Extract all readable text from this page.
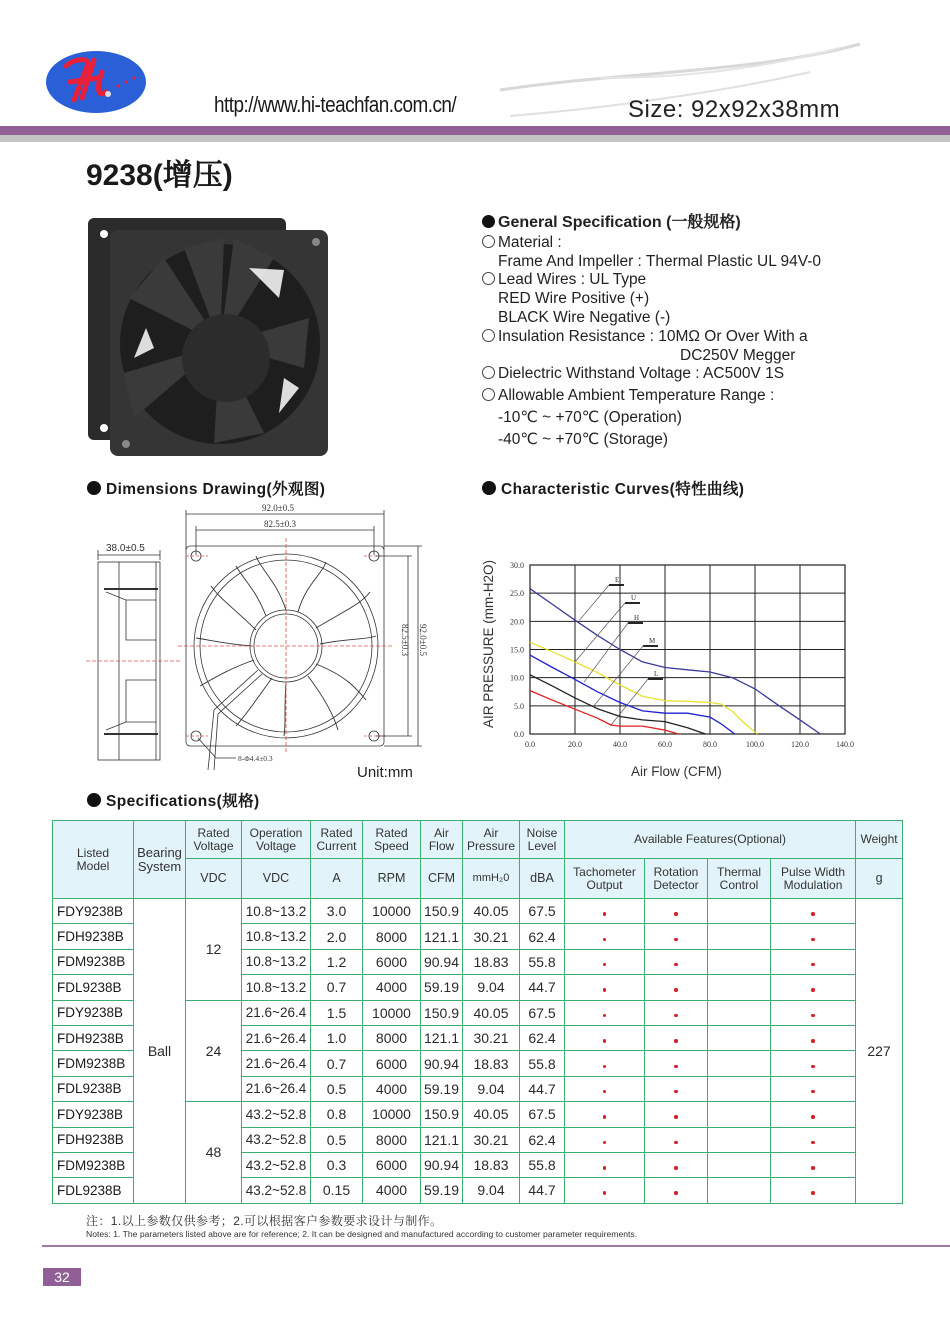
http://www.hi-teachfan.com.cn/	Size: 92x92x38mm
9238(增压)
General Specification (一般规格)
Material :
Frame And Impeller : Thermal Plastic UL 94V-0
Lead Wires : UL Type
RED Wire Positive (+)
BLACK Wire Negative (-)
Insulation Resistance : 10MΩ Or Over With a
DC250V Megger
Dielectric Withstand Voltage : AC500V 1S
Allowable Ambient Temperature Range :
-10℃ ~ +70℃ (Operation)
-40℃ ~ +70℃ (Storage)
Dimensions Drawing(外观图)	Characteristic Curves(特性曲线)
38.0±0.5
92.0±0.5
82.5±0.3
92.0±0.5
82.5±0.3
8-Φ4.4±0.3
Unit:mm
0.0
5.0
10.0
15.0
20.0
25.0
30.0
0.0	20.0	40.0	60.0	80.0	100.0	120.0	140.0
E
U
H
M
L
AIR PRESSURE (mm-H2O)
Air Flow (CFM)
Specifications(规格)
Listed Model	Bearing System	Rated Voltage	Operation Voltage	Rated Current	Rated Speed	Air Flow	Air Pressure	Noise Level	Available Features(Optional)				Weight
		VDC	VDC	A	RPM	CFM	mmH₂0	dBA	Tachometer Output	Rotation Detector	Thermal Control	Pulse Width Modulation	g
FDY9238B	Ball	12	10.8~13.2	3.0	10000	150.9	40.05	67.5					227
FDH9238B			10.8~13.2	2.0	8000	121.1	30.21	62.4					
FDM9238B			10.8~13.2	1.2	6000	90.94	18.83	55.8					
FDL9238B			10.8~13.2	0.7	4000	59.19	9.04	44.7					
FDY9238B		24	21.6~26.4	1.5	10000	150.9	40.05	67.5					
FDH9238B			21.6~26.4	1.0	8000	121.1	30.21	62.4					
FDM9238B			21.6~26.4	0.7	6000	90.94	18.83	55.8					
FDL9238B			21.6~26.4	0.5	4000	59.19	9.04	44.7					
FDY9238B		48	43.2~52.8	0.8	10000	150.9	40.05	67.5					
FDH9238B			43.2~52.8	0.5	8000	121.1	30.21	62.4					
FDM9238B			43.2~52.8	0.3	6000	90.94	18.83	55.8					
FDL9238B			43.2~52.8	0.15	4000	59.19	9.04	44.7					
注：1.以上参数仅供参考；2.可以根据客户参数要求设计与制作。
Notes: 1. The parameters listed above are for reference; 2. It can be designed and manufactured according to customer parameter requirements.
32
